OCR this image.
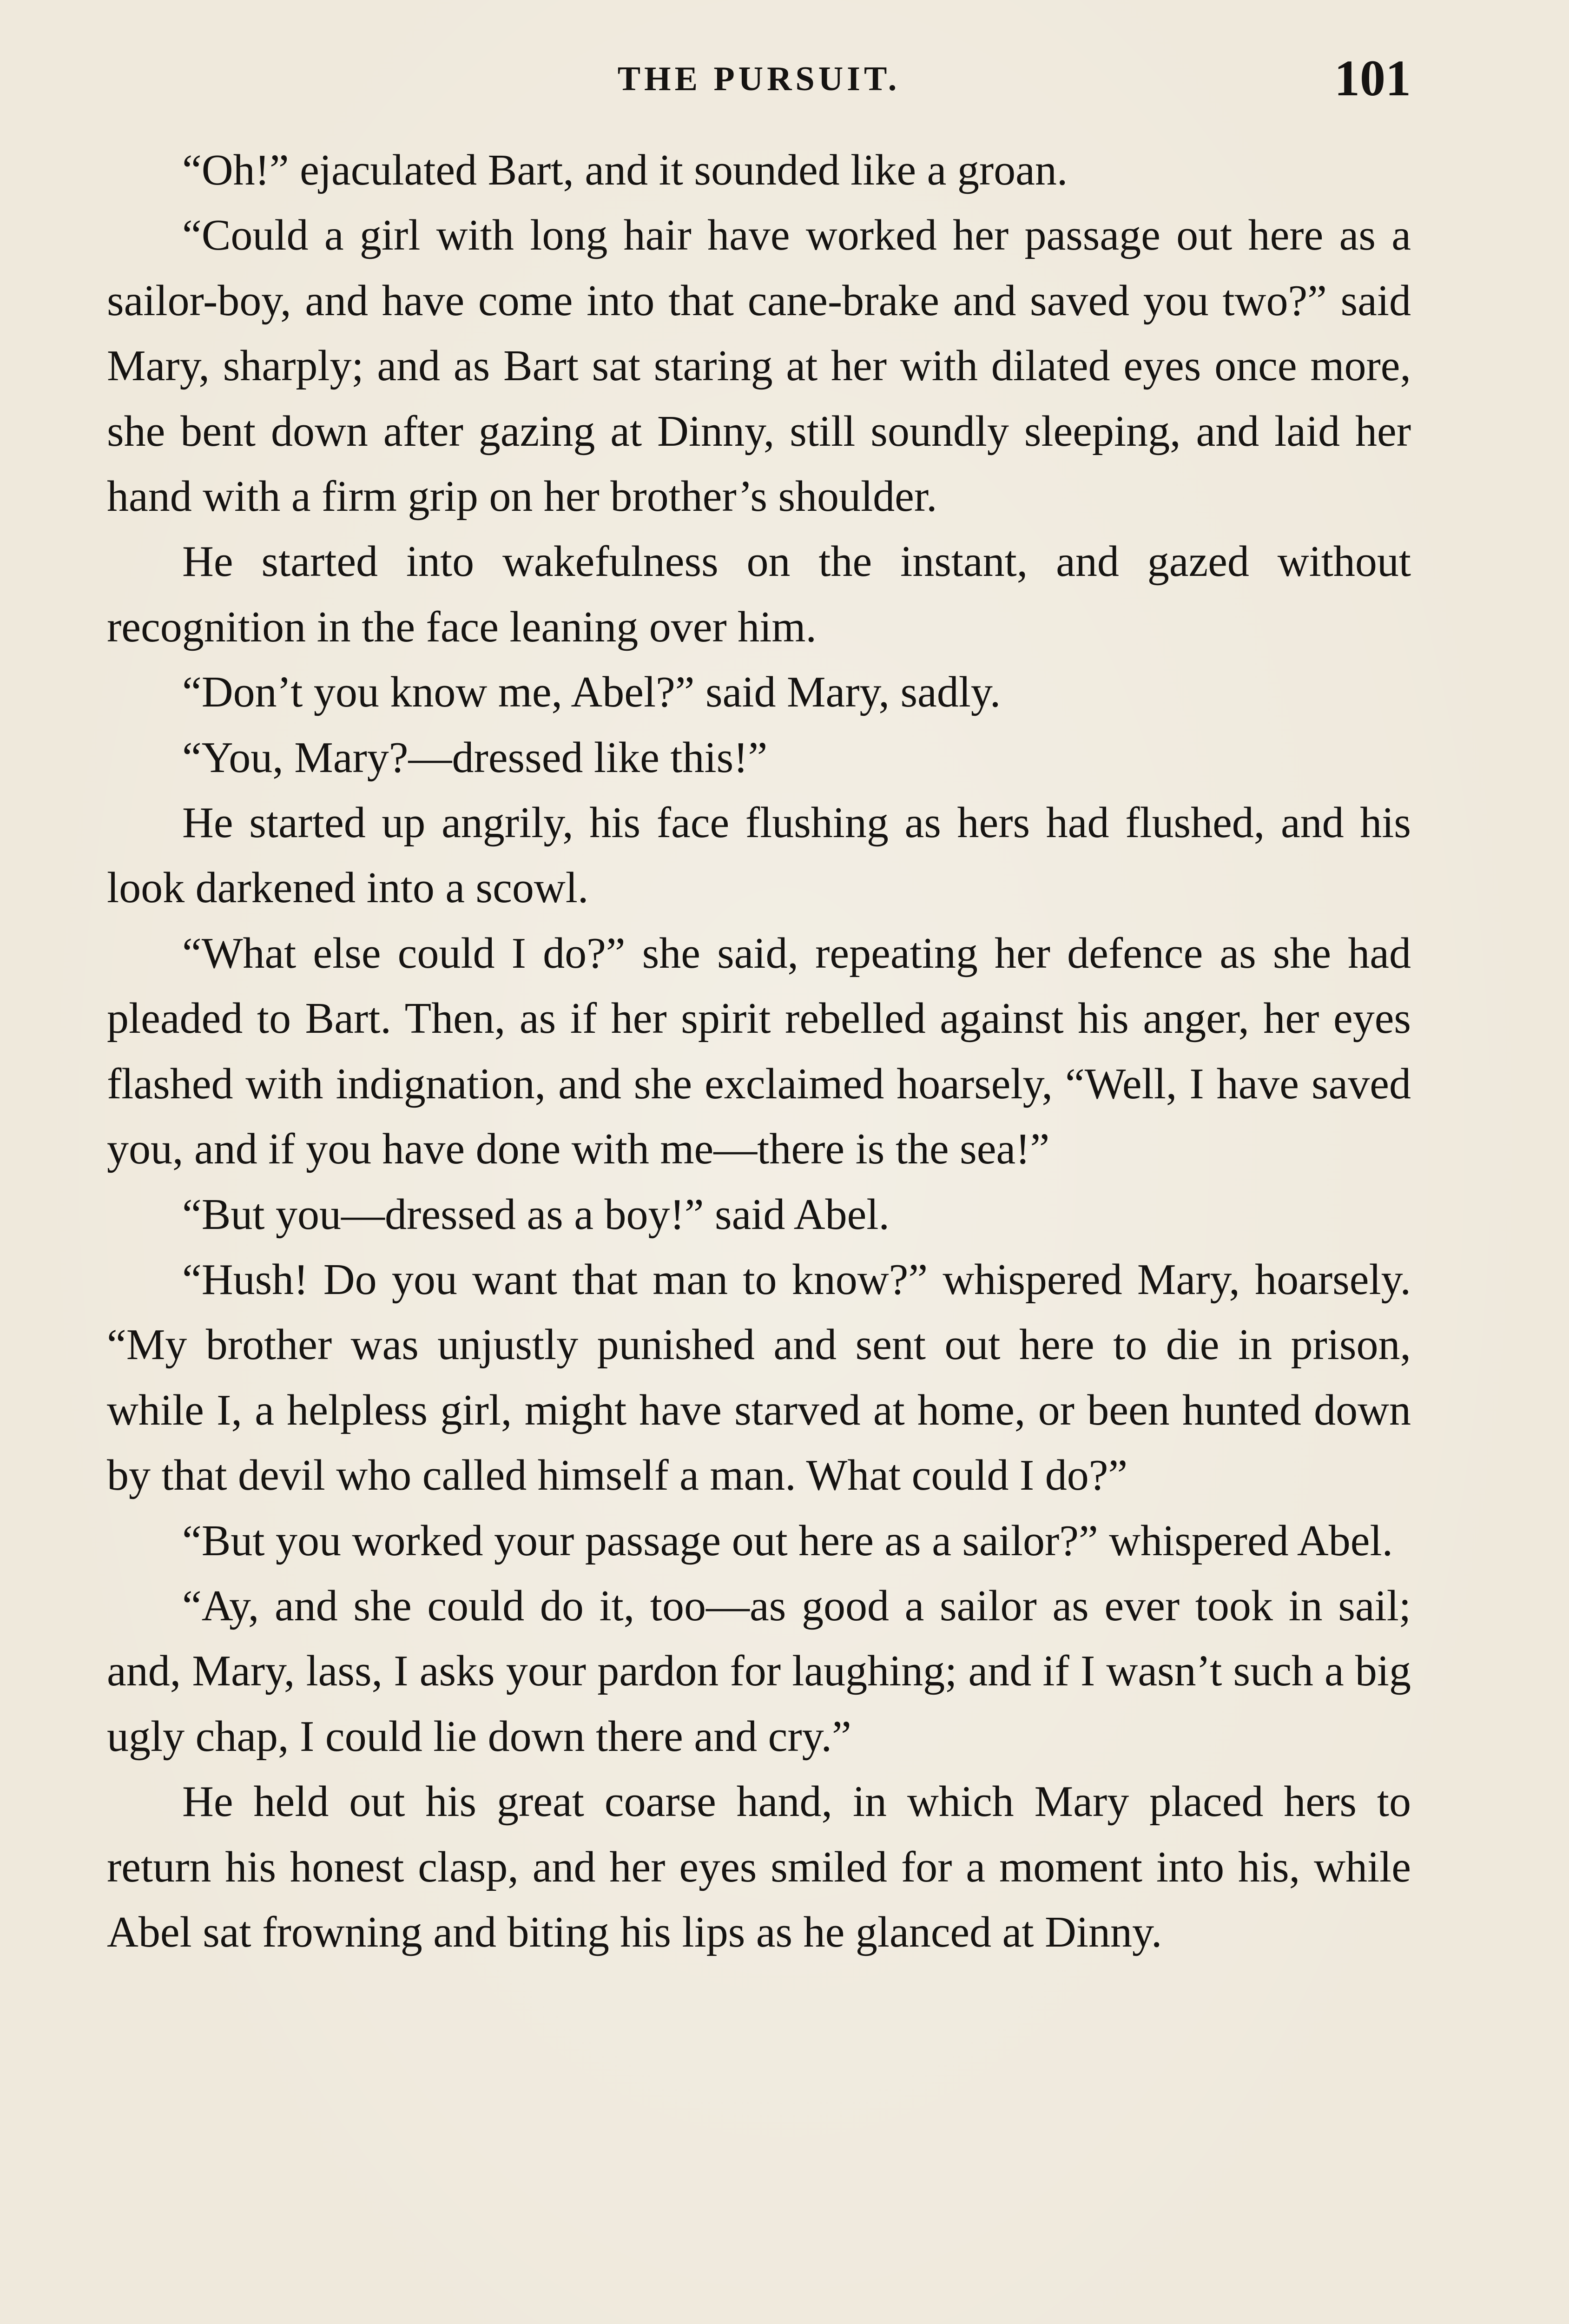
THE PURSUIT.	101

“Oh!” ejaculated Bart, and it sounded like a groan.

“Could a girl with long hair have worked her passage out here as a sailor-boy, and have come into that cane-brake and saved you two?” said Mary, sharply; and as Bart sat staring at her with dilated eyes once more, she bent down after gazing at Dinny, still soundly sleeping, and laid her hand with a firm grip on her brother’s shoulder.

He started into wakefulness on the instant, and gazed without recognition in the face leaning over him.

“Don’t you know me, Abel?” said Mary, sadly.

“You, Mary?—dressed like this!”

He started up angrily, his face flushing as hers had flushed, and his look darkened into a scowl.

“What else could I do?” she said, repeating her defence as she had pleaded to Bart. Then, as if her spirit rebelled against his anger, her eyes flashed with indignation, and she exclaimed hoarsely, “Well, I have saved you, and if you have done with me—there is the sea!”

“But you—dressed as a boy!” said Abel.

“Hush! Do you want that man to know?” whispered Mary, hoarsely. “My brother was unjustly punished and sent out here to die in prison, while I, a helpless girl, might have starved at home, or been hunted down by that devil who called himself a man. What could I do?”

“But you worked your passage out here as a sailor?” whispered Abel.

“Ay, and she could do it, too—as good a sailor as ever took in sail; and, Mary, lass, I asks your pardon for laughing; and if I wasn’t such a big ugly chap, I could lie down there and cry.”

He held out his great coarse hand, in which Mary placed hers to return his honest clasp, and her eyes smiled for a moment into his, while Abel sat frowning and biting his lips as he glanced at Dinny.
